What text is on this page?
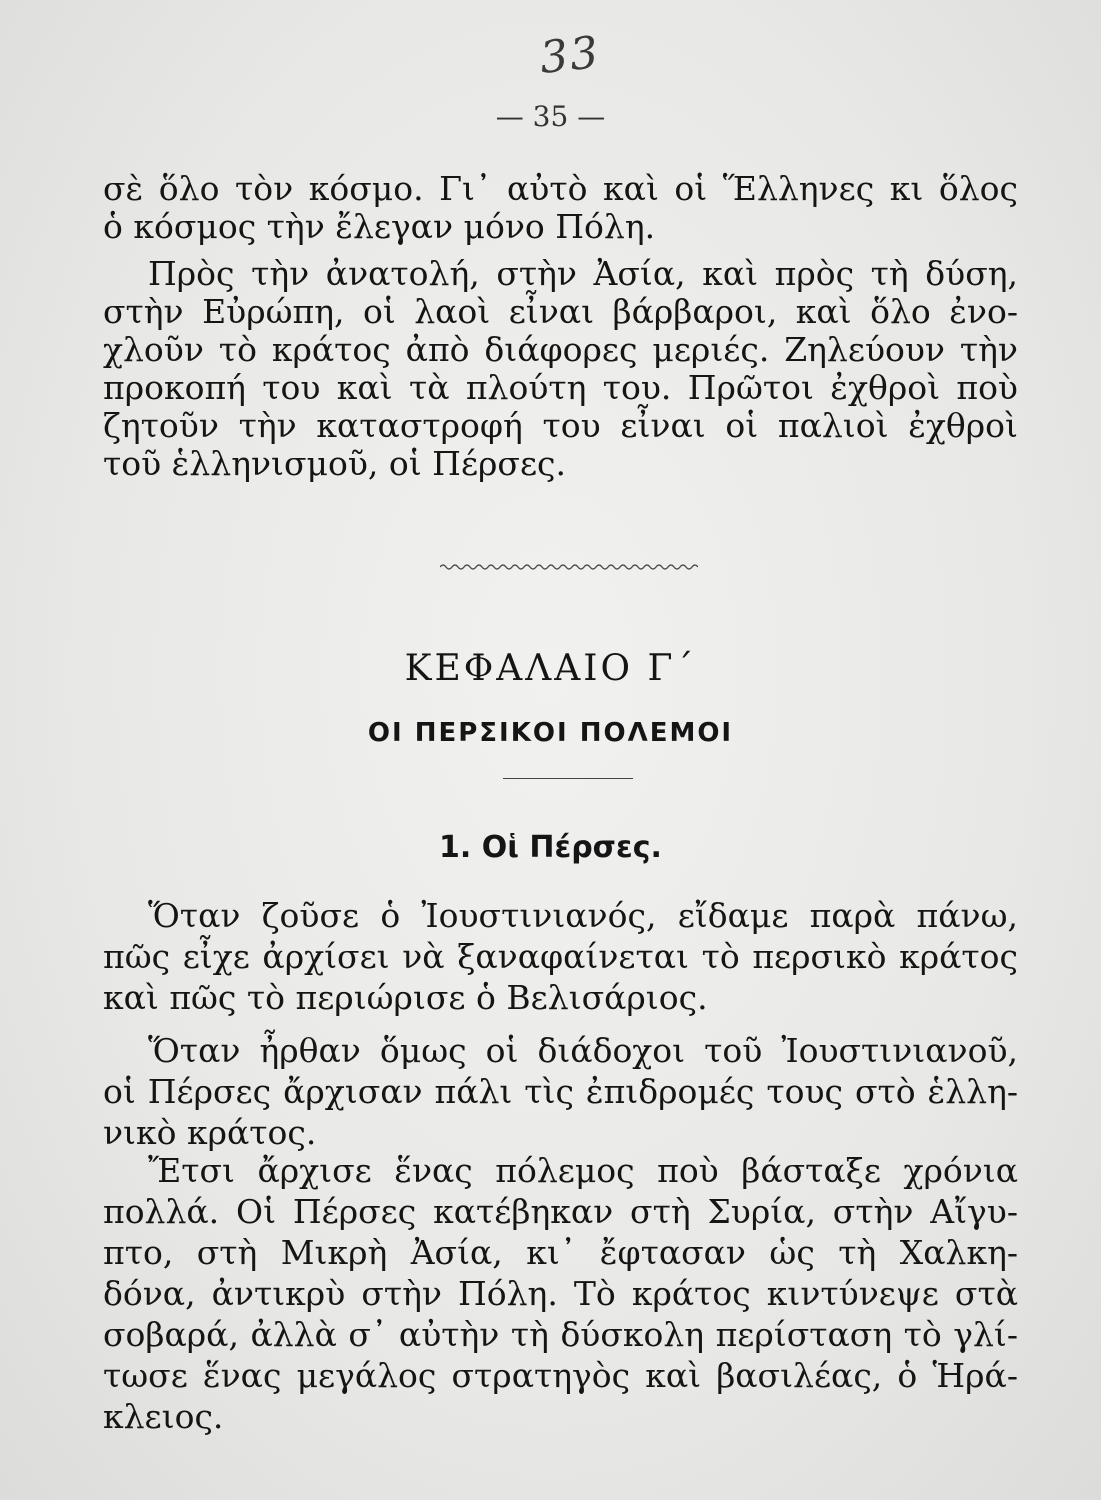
33
— 35 —
σὲ ὅλο τὸν κόσμο. Γι᾽ αὐτὸ καὶ οἱ Ἕλληνες κι ὅλος
ὁ κόσμος τὴν ἔλεγαν μόνο Πόλη.
Πρὸς τὴν ἀνατολή, στὴν Ἀσία, καὶ πρὸς τὴ δύση,
στὴν Εὐρώπη, οἱ λαοὶ εἶναι βάρβαροι, καὶ ὅλο ἐνο-
χλοῦν τὸ κράτος ἀπὸ διάφορες μεριές. Ζηλεύουν τὴν
προκοπή του καὶ τὰ πλούτη του. Πρῶτοι ἐχθροὶ ποὺ
ζητοῦν τὴν καταστροφή του εἶναι οἱ παλιοὶ ἐχθροὶ
τοῦ ἑλληνισμοῦ, οἱ Πέρσες.
ΚΕΦΑΛΑΙΟ Γ΄
ΟΙ ΠΕΡΣΙΚΟΙ ΠΟΛΕΜΟΙ
1. Οἱ Πέρσες.
Ὅταν ζοῦσε ὁ Ἰουστινιανός, εἴδαμε παρὰ πάνω,
πῶς εἶχε ἀρχίσει νὰ ξαναφαίνεται τὸ περσικὸ κράτος
καὶ πῶς τὸ περιώρισε ὁ Βελισάριος.
Ὅταν ἦρθαν ὅμως οἱ διάδοχοι τοῦ Ἰουστινιανοῦ,
οἱ Πέρσες ἄρχισαν πάλι τὶς ἐπιδρομές τους στὸ ἑλλη-
νικὸ κράτος.
Ἔτσι ἄρχισε ἕνας πόλεμος ποὺ βάσταξε χρόνια
πολλά. Οἱ Πέρσες κατέβηκαν στὴ Συρία, στὴν Αἴγυ-
πτο, στὴ Μικρὴ Ἀσία, κι᾽ ἔφτασαν ὡς τὴ Χαλκη-
δόνα, ἀντικρὺ στὴν Πόλη. Τὸ κράτος κιντύνεψε στὰ
σοβαρά, ἀλλὰ σ᾽ αὐτὴν τὴ δύσκολη περίσταση τὸ γλί-
τωσε ἕνας μεγάλος στρατηγὸς καὶ βασιλέας, ὁ Ἡρά-
κλειος.
